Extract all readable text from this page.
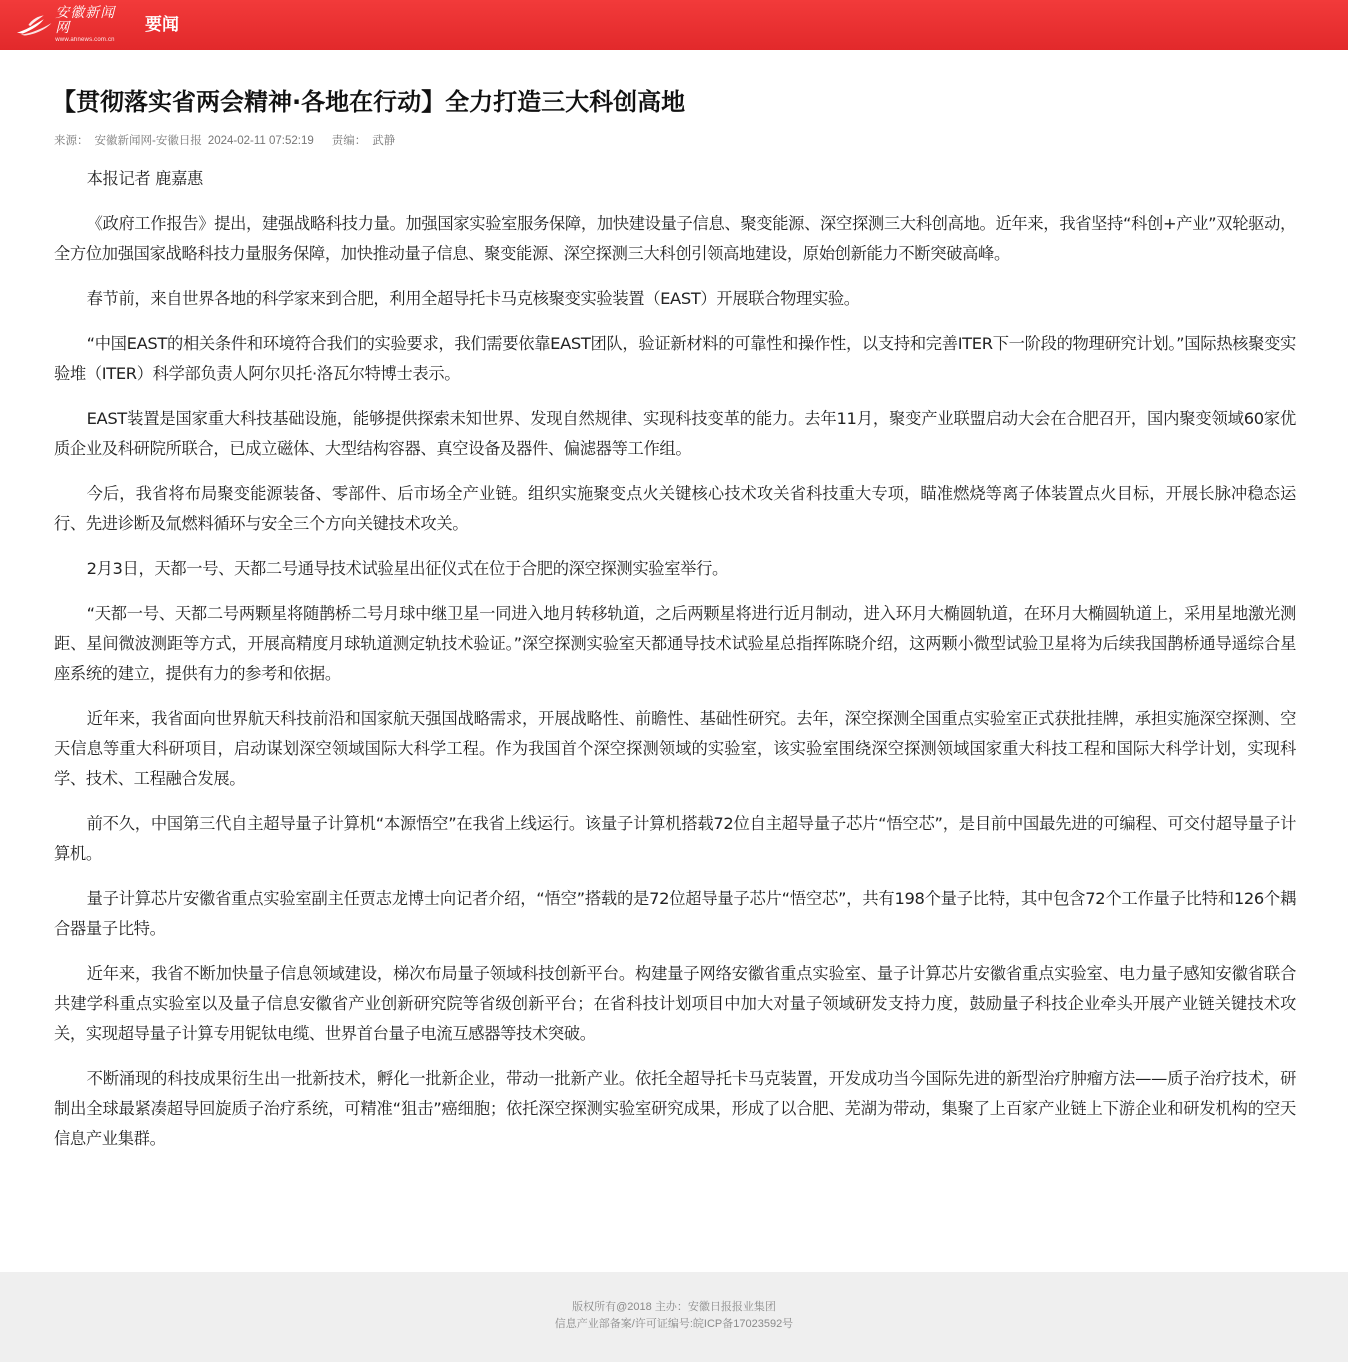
安徽新闻网
www.ahnews.com.cn
要闻
【贯彻落实省两会精神·各地在行动】全力打造三大科创高地
来源： 安徽新闻网-安徽日报 2024-02-11 07:52:19 责编： 武静

本报记者 鹿嘉惠

《政府工作报告》提出，建强战略科技力量。加强国家实验室服务保障，加快建设量子信息、聚变能源、深空探测三大科创高地。近年来，我省坚持“科创+产业”双轮驱动，全方位加强国家战略科技力量服务保障，加快推动量子信息、聚变能源、深空探测三大科创引领高地建设，原始创新能力不断突破高峰。

春节前，来自世界各地的科学家来到合肥，利用全超导托卡马克核聚变实验装置（EAST）开展联合物理实验。

“中国EAST的相关条件和环境符合我们的实验要求，我们需要依靠EAST团队，验证新材料的可靠性和操作性，以支持和完善ITER下一阶段的物理研究计划。”国际热核聚变实验堆（ITER）科学部负责人阿尔贝托·洛瓦尔特博士表示。

EAST装置是国家重大科技基础设施，能够提供探索未知世界、发现自然规律、实现科技变革的能力。去年11月，聚变产业联盟启动大会在合肥召开，国内聚变领域60家优质企业及科研院所联合，已成立磁体、大型结构容器、真空设备及器件、偏滤器等工作组。

今后，我省将布局聚变能源装备、零部件、后市场全产业链。组织实施聚变点火关键核心技术攻关省科技重大专项，瞄准燃烧等离子体装置点火目标，开展长脉冲稳态运行、先进诊断及氚燃料循环与安全三个方向关键技术攻关。

2月3日，天都一号、天都二号通导技术试验星出征仪式在位于合肥的深空探测实验室举行。

“天都一号、天都二号两颗星将随鹊桥二号月球中继卫星一同进入地月转移轨道，之后两颗星将进行近月制动，进入环月大椭圆轨道，在环月大椭圆轨道上，采用星地激光测距、星间微波测距等方式，开展高精度月球轨道测定轨技术验证。”深空探测实验室天都通导技术试验星总指挥陈晓介绍，这两颗小微型试验卫星将为后续我国鹊桥通导遥综合星座系统的建立，提供有力的参考和依据。

近年来，我省面向世界航天科技前沿和国家航天强国战略需求，开展战略性、前瞻性、基础性研究。去年，深空探测全国重点实验室正式获批挂牌，承担实施深空探测、空天信息等重大科研项目，启动谋划深空领域国际大科学工程。作为我国首个深空探测领域的实验室，该实验室围绕深空探测领域国家重大科技工程和国际大科学计划，实现科学、技术、工程融合发展。

前不久，中国第三代自主超导量子计算机“本源悟空”在我省上线运行。该量子计算机搭载72位自主超导量子芯片“悟空芯”，是目前中国最先进的可编程、可交付超导量子计算机。

量子计算芯片安徽省重点实验室副主任贾志龙博士向记者介绍，“悟空”搭载的是72位超导量子芯片“悟空芯”，共有198个量子比特，其中包含72个工作量子比特和126个耦合器量子比特。

近年来，我省不断加快量子信息领域建设，梯次布局量子领域科技创新平台。构建量子网络安徽省重点实验室、量子计算芯片安徽省重点实验室、电力量子感知安徽省联合共建学科重点实验室以及量子信息安徽省产业创新研究院等省级创新平台；在省科技计划项目中加大对量子领域研发支持力度，鼓励量子科技企业牵头开展产业链关键技术攻关，实现超导量子计算专用铌钛电缆、世界首台量子电流互感器等技术突破。

不断涌现的科技成果衍生出一批新技术，孵化一批新企业，带动一批新产业。依托全超导托卡马克装置，开发成功当今国际先进的新型治疗肿瘤方法——质子治疗技术，研制出全球最紧凑超导回旋质子治疗系统，可精准“狙击”癌细胞；依托深空探测实验室研究成果，形成了以合肥、芜湖为带动，集聚了上百家产业链上下游企业和研发机构的空天信息产业集群。

版权所有@2018 主办：安徽日报报业集团

信息产业部备案/许可证编号:皖ICP备17023592号
